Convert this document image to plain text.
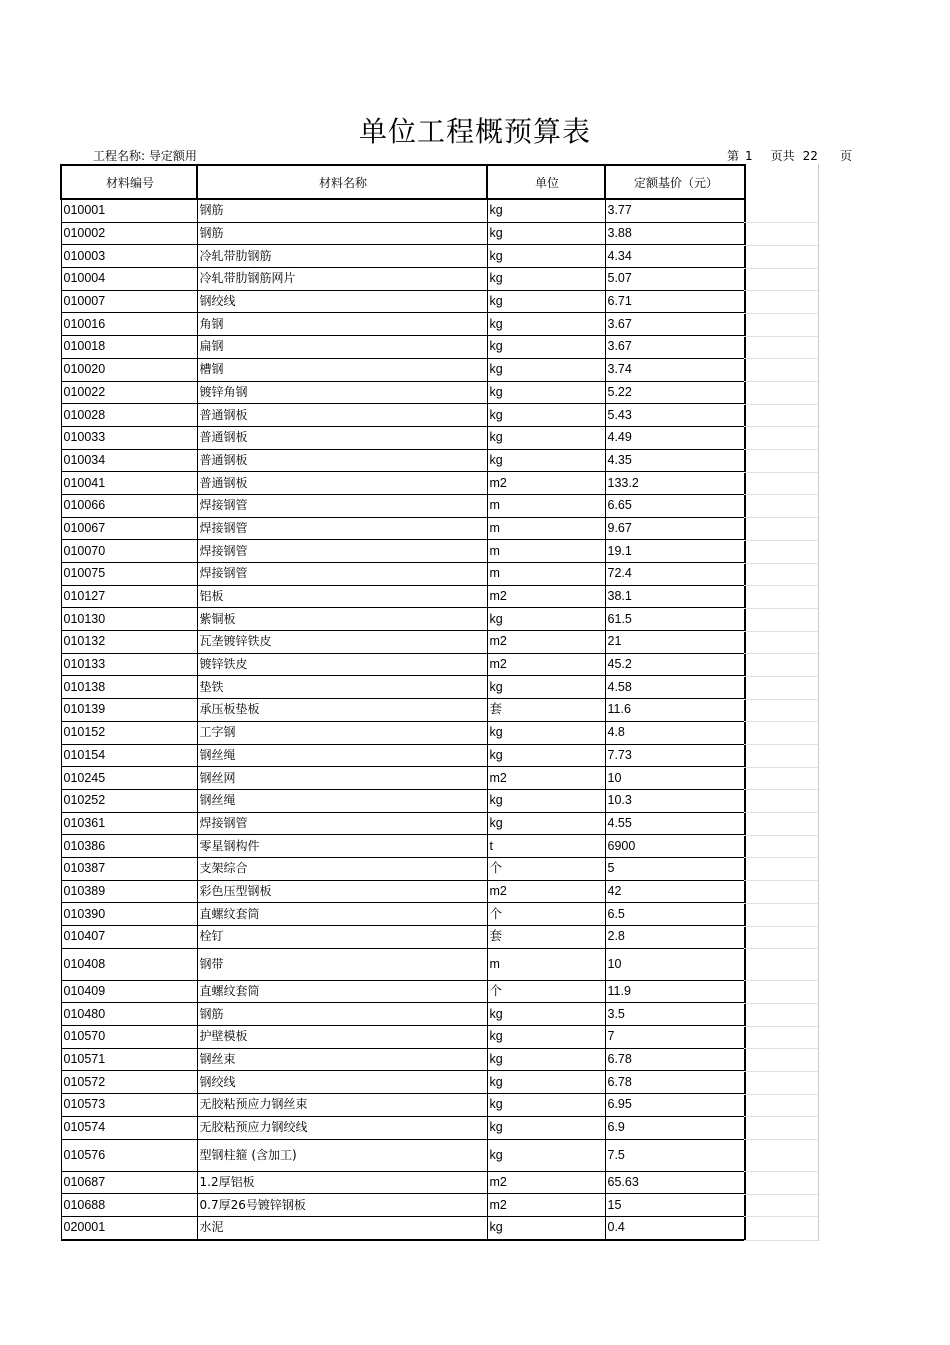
单位工程概预算表
工程名称: 导定额用	第 1 页共 22 页
材料编号	材料名称	单位	定额基价（元）
010001	钢筋	kg	3.77
010002	钢筋	kg	3.88
010003	冷轧带肋钢筋	kg	4.34
010004	冷轧带肋钢筋网片	kg	5.07
010007	钢绞线	kg	6.71
010016	角钢	kg	3.67
010018	扁钢	kg	3.67
010020	槽钢	kg	3.74
010022	镀锌角钢	kg	5.22
010028	普通钢板	kg	5.43
010033	普通钢板	kg	4.49
010034	普通钢板	kg	4.35
010041	普通钢板	m2	133.2
010066	焊接钢管	m	6.65
010067	焊接钢管	m	9.67
010070	焊接钢管	m	19.1
010075	焊接钢管	m	72.4
010127	铝板	m2	38.1
010130	紫铜板	kg	61.5
010132	瓦垄镀锌铁皮	m2	21
010133	镀锌铁皮	m2	45.2
010138	垫铁	kg	4.58
010139	承压板垫板	套	11.6
010152	工字钢	kg	4.8
010154	钢丝绳	kg	7.73
010245	钢丝网	m2	10
010252	钢丝绳	kg	10.3
010361	焊接钢管	kg	4.55
010386	零星钢构件	t	6900
010387	支架综合	个	5
010389	彩色压型钢板	m2	42
010390	直螺纹套筒	个	6.5
010407	栓钉	套	2.8
010408	钢带	m	10
010409	直螺纹套筒	个	11.9
010480	钢筋	kg	3.5
010570	护壁模板	kg	7
010571	钢丝束	kg	6.78
010572	钢绞线	kg	6.78
010573	无胶粘预应力钢丝束	kg	6.95
010574	无胶粘预应力钢绞线	kg	6.9
010576	型钢柱箍 (含加工)	kg	7.5
010687	1.2厚铝板	m2	65.63
010688	0.7厚26号镀锌钢板	m2	15
020001	水泥	kg	0.4
